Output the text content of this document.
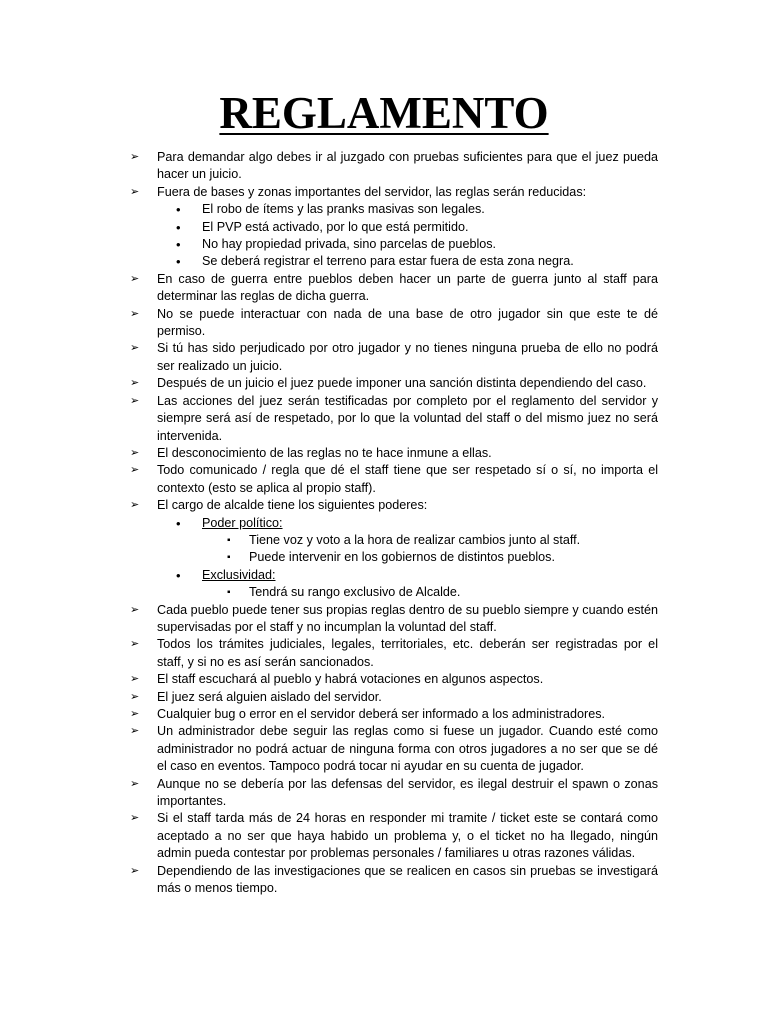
REGLAMENTO
➢	Para demandar algo debes ir al juzgado con pruebas suficientes para que el juez pueda hacer un juicio.
➢	Fuera de bases y zonas importantes del servidor, las reglas serán reducidas:
• El robo de ítems y las pranks masivas son legales.
• El PVP está activado, por lo que está permitido.
• No hay propiedad privada, sino parcelas de pueblos.
• Se deberá registrar el terreno para estar fuera de esta zona negra.
➢	En caso de guerra entre pueblos deben hacer un parte de guerra junto al staff para determinar las reglas de dicha guerra.
➢	No se puede interactuar con nada de una base de otro jugador sin que este te dé permiso.
➢	Si tú has sido perjudicado por otro jugador y no tienes ninguna prueba de ello no podrá ser realizado un juicio.
➢	Después de un juicio el juez puede imponer una sanción distinta dependiendo del caso.
➢	Las acciones del juez serán testificadas por completo por el reglamento del servidor y siempre será así de respetado, por lo que la voluntad del staff o del mismo juez no será intervenida.
➢	El desconocimiento de las reglas no te hace inmune a ellas.
➢	Todo comunicado / regla que dé el staff tiene que ser respetado sí o sí, no importa el contexto (esto se aplica al propio staff).
➢	El cargo de alcalde tiene los siguientes poderes:
• Poder político:
▪ Tiene voz y voto a la hora de realizar cambios junto al staff.
▪ Puede intervenir en los gobiernos de distintos pueblos.
• Exclusividad:
▪ Tendrá su rango exclusivo de Alcalde.
➢	Cada pueblo puede tener sus propias reglas dentro de su pueblo siempre y cuando estén supervisadas por el staff y no incumplan la voluntad del staff.
➢	Todos los trámites judiciales, legales, territoriales, etc. deberán ser registradas por el staff, y si no es así serán sancionados.
➢	El staff escuchará al pueblo y habrá votaciones en algunos aspectos.
➢	El juez será alguien aislado del servidor.
➢	Cualquier bug o error en el servidor deberá ser informado a los administradores.
➢	Un administrador debe seguir las reglas como si fuese un jugador. Cuando esté como administrador no podrá actuar de ninguna forma con otros jugadores a no ser que se dé el caso en eventos. Tampoco podrá tocar ni ayudar en su cuenta de jugador.
➢	Aunque no se debería por las defensas del servidor, es ilegal destruir el spawn o zonas importantes.
➢	Si el staff tarda más de 24 horas en responder mi tramite / ticket este se contará como aceptado a no ser que haya habido un problema y, o el ticket no ha llegado, ningún admin pueda contestar por problemas personales / familiares u otras razones válidas.
➢	Dependiendo de las investigaciones que se realicen en casos sin pruebas se investigará más o menos tiempo.
